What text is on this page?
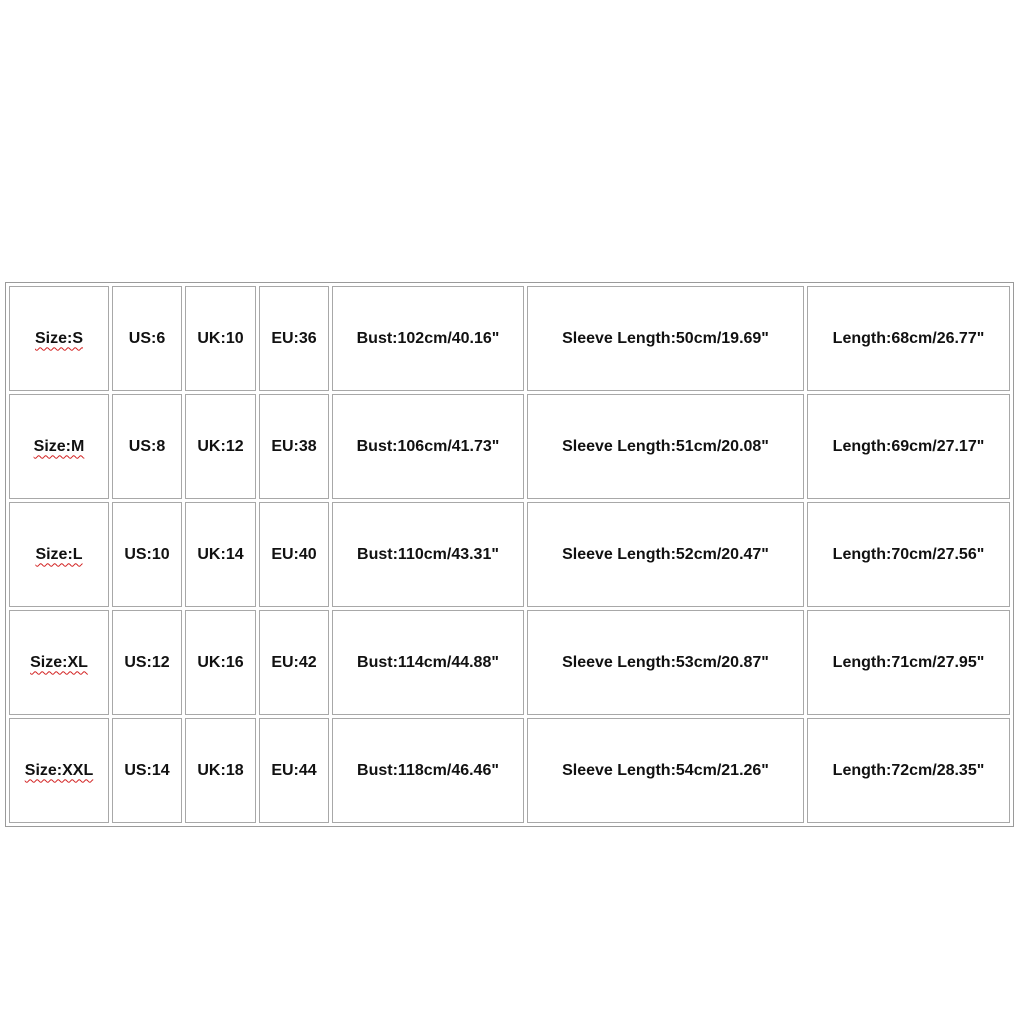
Size:S	US:6	UK:10	EU:36	Bust:102cm/40.16"	Sleeve Length:50cm/19.69"	Length:68cm/26.77"
Size:M	US:8	UK:12	EU:38	Bust:106cm/41.73"	Sleeve Length:51cm/20.08"	Length:69cm/27.17"
Size:L	US:10	UK:14	EU:40	Bust:110cm/43.31"	Sleeve Length:52cm/20.47"	Length:70cm/27.56"
Size:XL	US:12	UK:16	EU:42	Bust:114cm/44.88"	Sleeve Length:53cm/20.87"	Length:71cm/27.95"
Size:XXL	US:14	UK:18	EU:44	Bust:118cm/46.46"	Sleeve Length:54cm/21.26"	Length:72cm/28.35"
